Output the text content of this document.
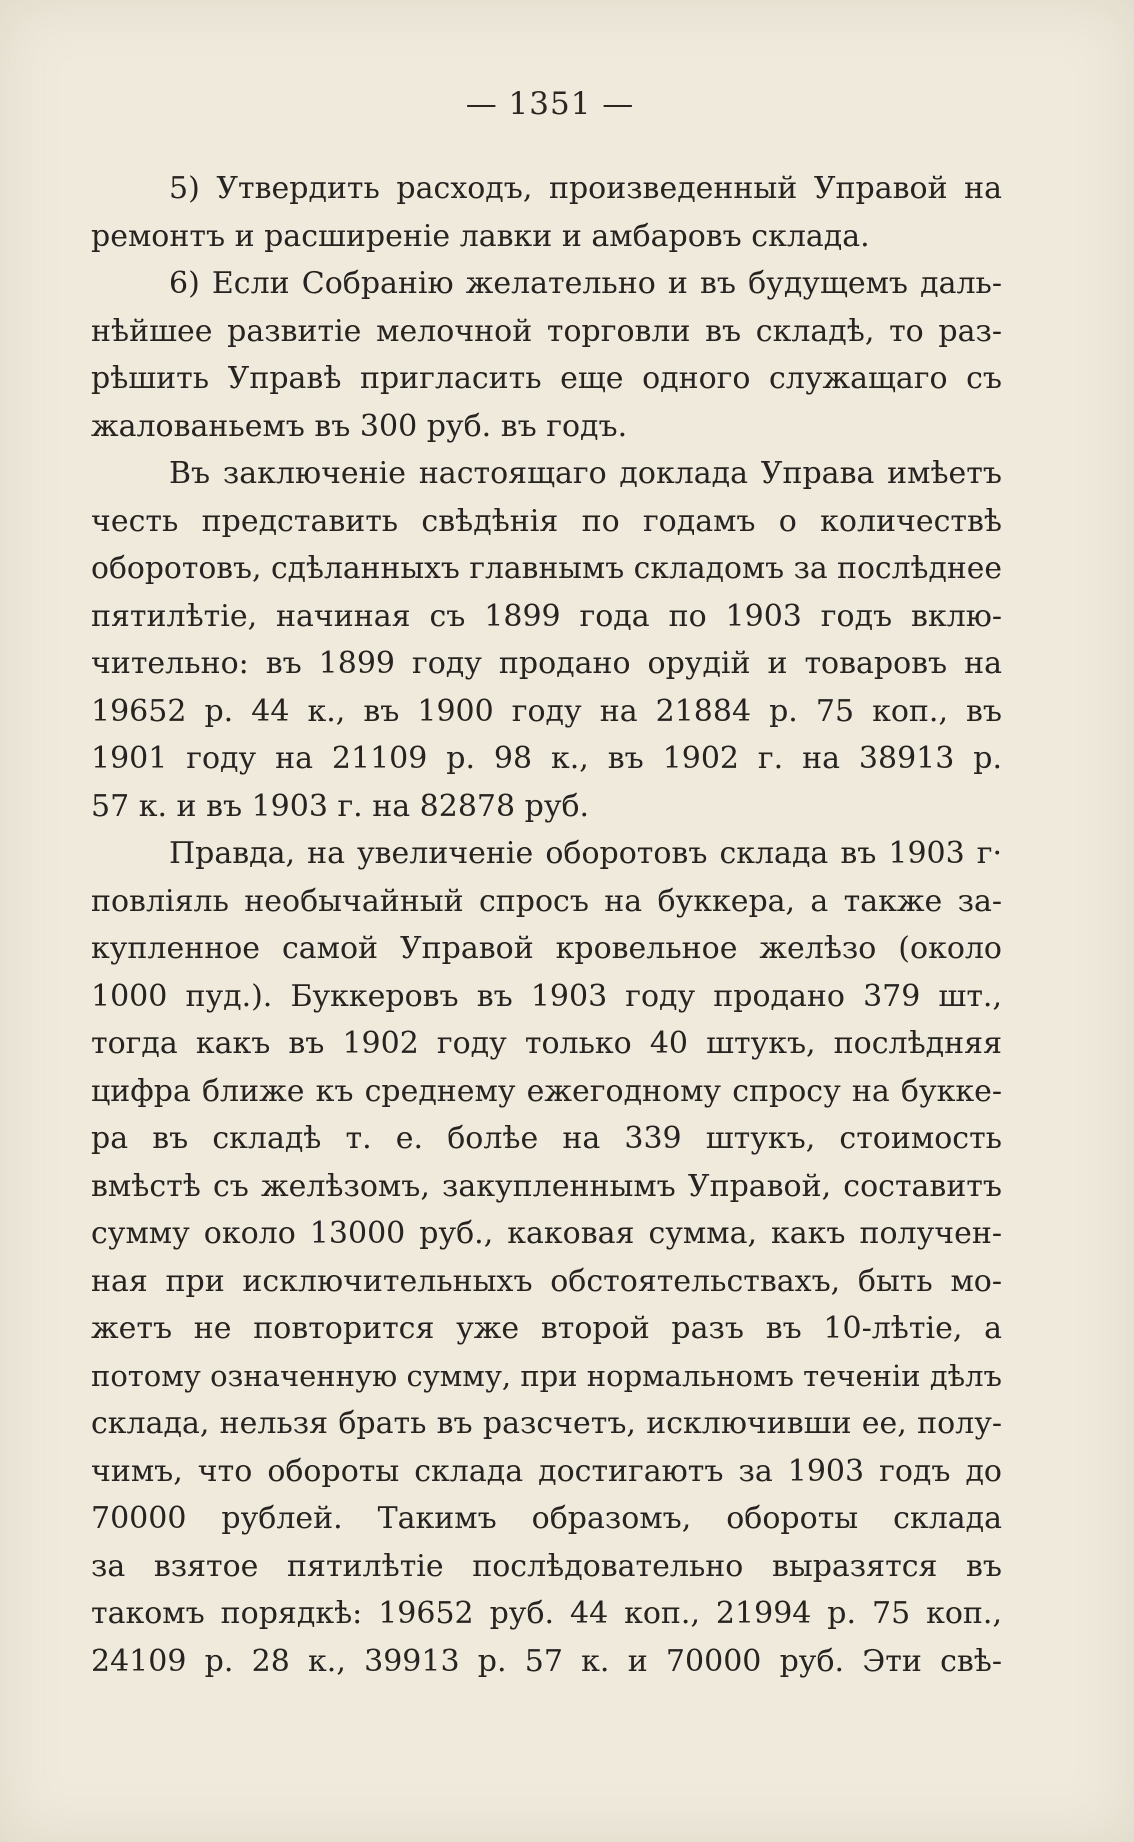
— 1351 —
5) Утвердить расходъ, произведенный Управой на
ремонтъ и расширеніе лавки и амбаровъ склада.
6) Если Собранію желательно и въ будущемъ даль-
нѣйшее развитіе мелочной торговли въ складѣ, то раз-
рѣшить Управѣ пригласить еще одного служащаго съ
жалованьемъ въ 300 руб. въ годъ.
Въ заключеніе настоящаго доклада Управа имѣетъ
честь представить свѣдѣнія по годамъ о количествѣ
оборотовъ, сдѣланныхъ главнымъ складомъ за послѣднее
пятилѣтіе, начиная съ 1899 года по 1903 годъ вклю-
чительно: въ 1899 году продано орудій и товаровъ на
19652 р. 44 к., въ 1900 году на 21884 р. 75 коп., въ
1901 году на 21109 р. 98 к., въ 1902 г. на 38913 р.
57 к. и въ 1903 г. на 82878 руб.
Правда, на увеличеніе оборотовъ склада въ 1903 г·
повліяль необычайный спросъ на буккера, а также за-
купленное самой Управой кровельное желѣзо (около
1000 пуд.). Буккеровъ въ 1903 году продано 379 шт.,
тогда какъ въ 1902 году только 40 штукъ, послѣдняя
цифра ближе къ среднему ежегодному спросу на букке-
ра въ складѣ т. е. болѣе на 339 штукъ, стоимость
вмѣстѣ съ желѣзомъ, закупленнымъ Управой, составитъ
сумму около 13000 руб., каковая сумма, какъ получен-
ная при исключительныхъ обстоятельствахъ, быть мо-
жетъ не повторится уже второй разъ въ 10-лѣтіе, а
потому означенную сумму, при нормальномъ теченіи дѣлъ
склада, нельзя брать въ разсчетъ, исключивши ее, полу-
чимъ, что обороты склада достигаютъ за 1903 годъ до
70000 рублей. Такимъ образомъ, обороты склада
за взятое пятилѣтіе послѣдовательно выразятся въ
такомъ порядкѣ: 19652 руб. 44 коп., 21994 р. 75 коп.,
24109 р. 28 к., 39913 р. 57 к. и 70000 руб. Эти свѣ-
